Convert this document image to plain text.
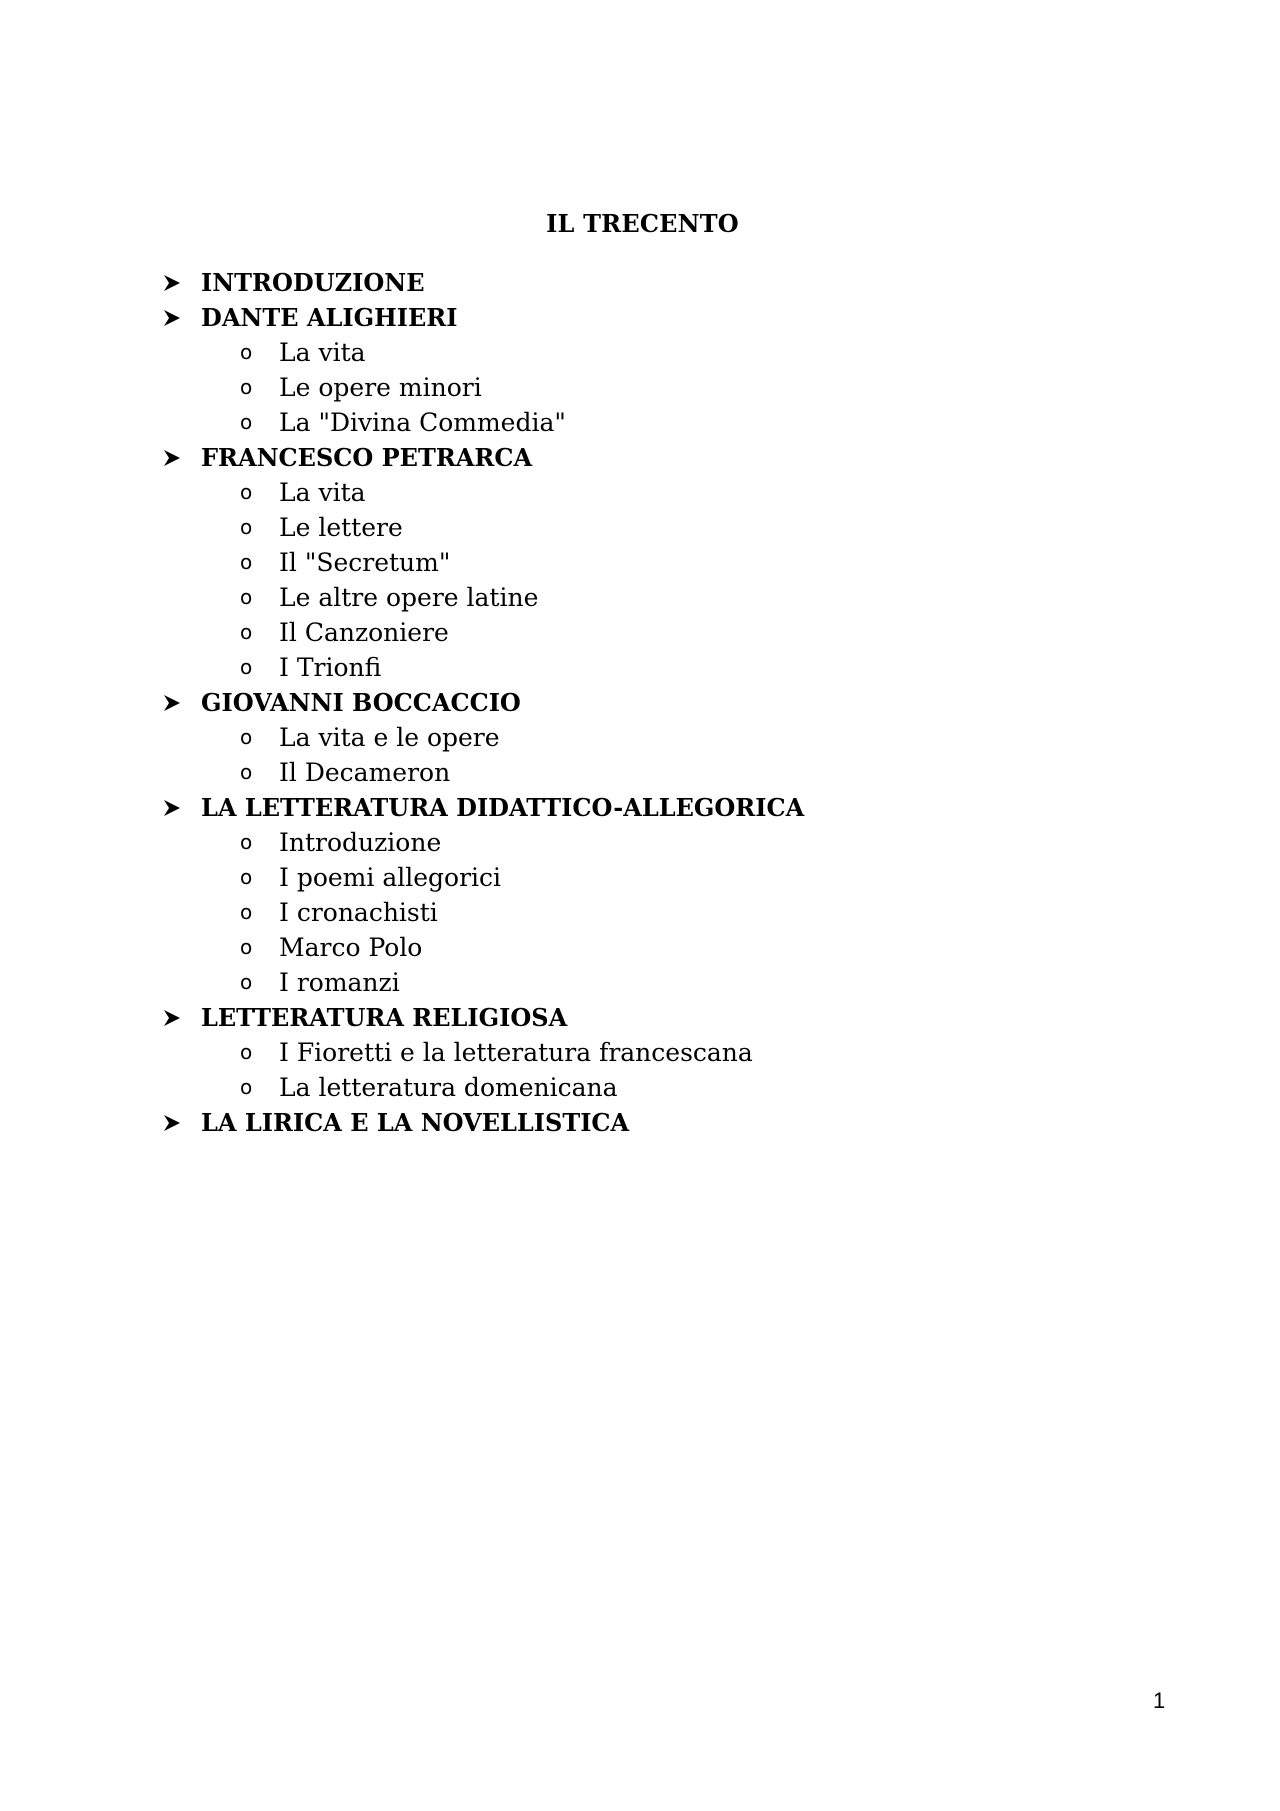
IL TRECENTO
INTRODUZIONE
DANTE ALIGHIERI
o La vita
o Le opere minori
o La "Divina Commedia"
FRANCESCO PETRARCA
o La vita
o Le lettere
o Il "Secretum"
o Le altre opere latine
o Il Canzoniere
o I Trionfi
GIOVANNI BOCCACCIO
o La vita e le opere
o Il Decameron
LA LETTERATURA DIDATTICO-ALLEGORICA
o Introduzione
o I poemi allegorici
o I cronachisti
o Marco Polo
o I romanzi
LETTERATURA RELIGIOSA
o I Fioretti e la letteratura francescana
o La letteratura domenicana
LA LIRICA E LA NOVELLISTICA
1
